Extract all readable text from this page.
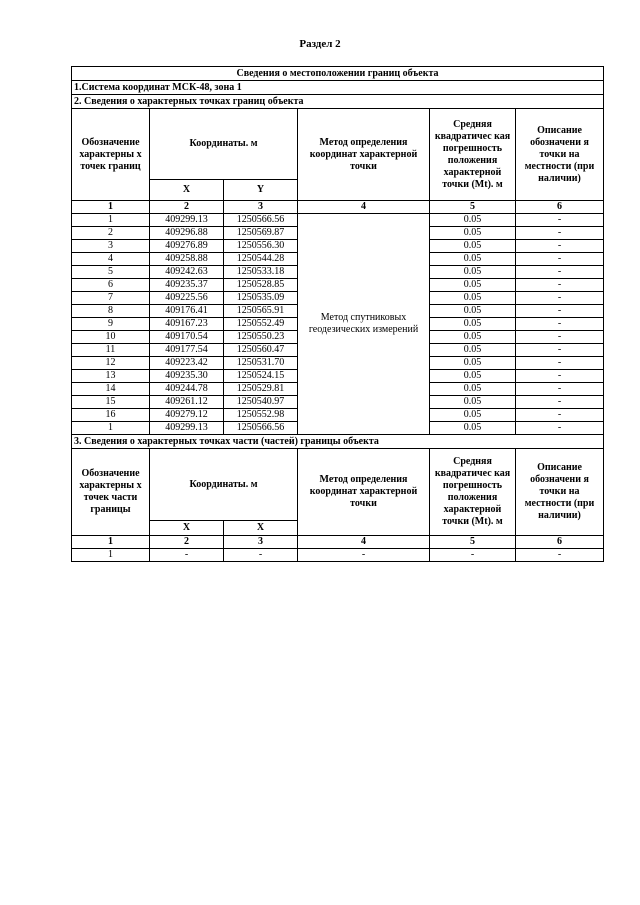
Раздел 2
Сведения о местоположении границ объекта					
1.Система координат МСК-48, зона 1					
2. Сведения о характерных точках границ объекта					
Обозначение характерны х точек границ	Координаты. м		Метод определения координат характерной точки	Средняя квадратичес кая погрешность положения характерной точки (Mt). м	Описание обозначени я точки на местности (при наличии)
	X	Y			
1	2	3	4	5	6
1	409299.13	1250566.56	Метод спутниковых геодезических измерений	0.05	-
2	409296.88	1250569.87		0.05	-
3	409276.89	1250556.30		0.05	-
4	409258.88	1250544.28		0.05	-
5	409242.63	1250533.18		0.05	-
6	409235.37	1250528.85		0.05	-
7	409225.56	1250535.09		0.05	-
8	409176.41	1250565.91		0.05	-
9	409167.23	1250552.49		0.05	-
10	409170.54	1250550.23		0.05	-
11	409177.54	1250560.47		0.05	-
12	409223.42	1250531.70		0.05	-
13	409235.30	1250524.15		0.05	-
14	409244.78	1250529.81		0.05	-
15	409261.12	1250540.97		0.05	-
16	409279.12	1250552.98		0.05	-
1	409299.13	1250566.56		0.05	-
3. Сведения о характерных точках части (частей) границы объекта					
Обозначение характерны х точек части границы	Координаты. м		Метод определения координат характерной точки	Средняя квадратичес кая погрешность положения характерной точки (Mt). м	Описание обозначени я точки на местности (при наличии)
	X	X			
1	2	3	4	5	6
1	-	-	-	-	-
